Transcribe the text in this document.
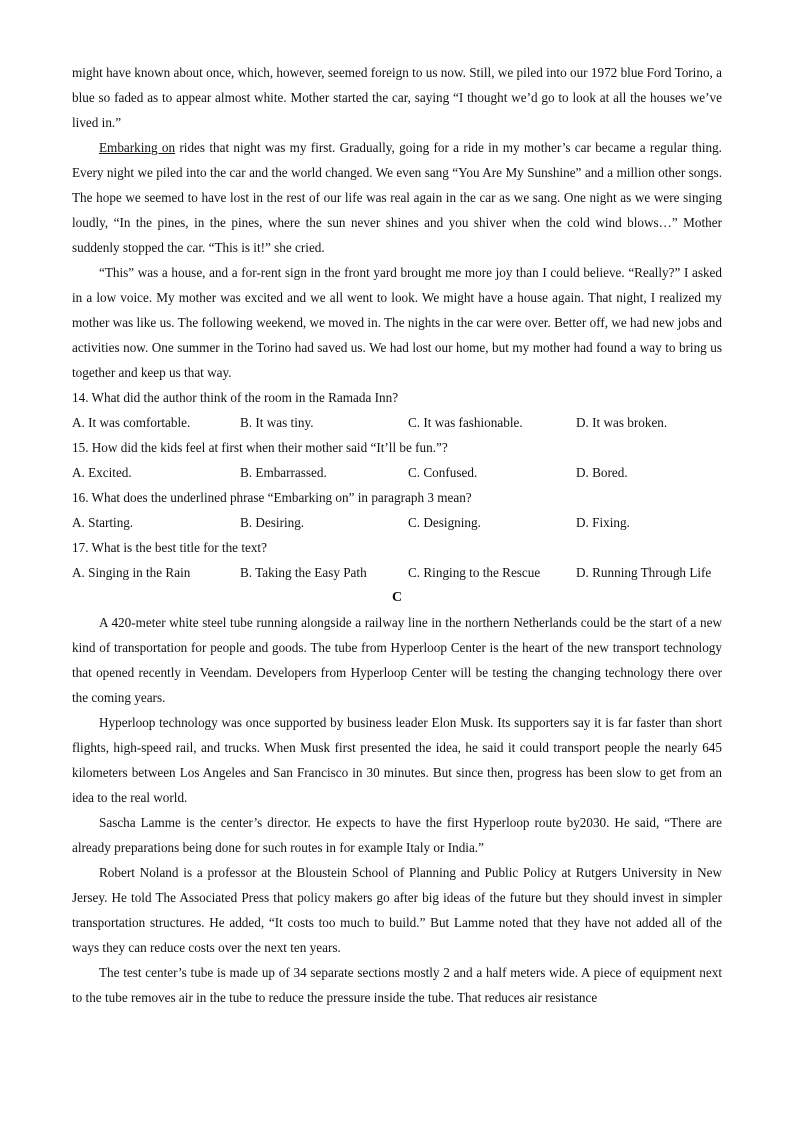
might have known about once, which, however, seemed foreign to us now. Still, we piled into our 1972 blue Ford Torino, a blue so faded as to appear almost white. Mother started the car, saying “I thought we’d go to look at all the houses we’ve lived in.”

Embarking on rides that night was my first. Gradually, going for a ride in my mother’s car became a regular thing. Every night we piled into the car and the world changed. We even sang “You Are My Sunshine” and a million other songs. The hope we seemed to have lost in the rest of our life was real again in the car as we sang. One night as we were singing loudly, “In the pines, in the pines, where the sun never shines and you shiver when the cold wind blows…” Mother suddenly stopped the car. “This is it!” she cried.

“This” was a house, and a for-rent sign in the front yard brought me more joy than I could believe. “Really?” I asked in a low voice. My mother was excited and we all went to look. We might have a house again. That night, I realized my mother was like us. The following weekend, we moved in. The nights in the car were over. Better off, we had new jobs and activities now. One summer in the Torino had saved us. We had lost our home, but my mother had found a way to bring us together and keep us that way.

14. What did the author think of the room in the Ramada Inn?

A. It was comfortable.	B. It was tiny.	C. It was fashionable.	D. It was broken.

15. How did the kids feel at first when their mother said “It’ll be fun.”?

A. Excited.	B. Embarrassed.	C. Confused.	D. Bored.

16. What does the underlined phrase “Embarking on” in paragraph 3 mean?

A. Starting.	B. Desiring.	C. Designing.	D. Fixing.

17. What is the best title for the text?

A. Singing in the Rain	B. Taking the Easy Path	C. Ringing to the Rescue	D. Running Through Life

C

A 420-meter white steel tube running alongside a railway line in the northern Netherlands could be the start of a new kind of transportation for people and goods. The tube from Hyperloop Center is the heart of the new transport technology that opened recently in Veendam. Developers from Hyperloop Center will be testing the changing technology there over the coming years.

Hyperloop technology was once supported by business leader Elon Musk. Its supporters say it is far faster than short flights, high-speed rail, and trucks. When Musk first presented the idea, he said it could transport people the nearly 645 kilometers between Los Angeles and San Francisco in 30 minutes. But since then, progress has been slow to get from an idea to the real world.

Sascha Lamme is the center’s director. He expects to have the first Hyperloop route by2030. He said, “There are already preparations being done for such routes in for example Italy or India.”

Robert Noland is a professor at the Bloustein School of Planning and Public Policy at Rutgers University in New Jersey. He told The Associated Press that policy makers go after big ideas of the future but they should invest in simpler transportation structures. He added, “It costs too much to build.” But Lamme noted that they have not added all of the ways they can reduce costs over the next ten years.

The test center’s tube is made up of 34 separate sections mostly 2 and a half meters wide. A piece of equipment next to the tube removes air in the tube to reduce the pressure inside the tube. That reduces air resistance
